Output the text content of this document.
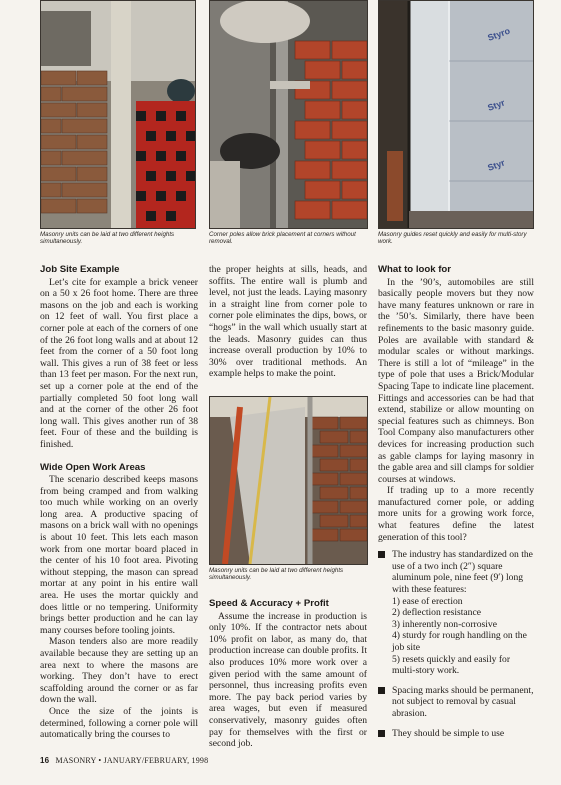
Masonry units can be laid at two different heights simultaneously.
Corner poles allow brick placement at corners without removal.
Styro
Styr
Styr
Masonry guides reset quickly and easily for multi-story work.
Job Site Example

Let’s cite for example a brick veneer on a 50 x 26 foot home. There are three masons on the job and each is working on 12 feet of wall. You first place a corner pole at each of the corners of one of the 26 foot long walls and at about 12 feet from the corner of a 50 foot long wall. This gives a run of 38 feet or less than 13 feet per mason. For the next run, set up a corner pole at the end of the partially completed 50 foot long wall and at the corner of the other 26 foot long wall. This gives another run of 38 feet. Four of these and the building is finished.

Wide Open Work Areas

The scenario described keeps masons from being cramped and from walking too much while working on an overly long area. A productive spacing of masons on a brick wall with no openings is about 10 feet. This lets each mason work from one mortar board placed in the center of his 10 foot area. Pivoting without stepping, the mason can spread mortar at any point in his entire wall area. He uses the mortar quickly and does little or no tempering. Uniformity brings better production and he can lay many courses before tooling joints.

Mason tenders also are more readily available because they are setting up an area next to where the masons are working. They don’t have to erect scaffolding around the corner or as far down the wall.

Once the size of the joints is determined, following a corner pole will automatically bring the courses to

the proper heights at sills, heads, and soffits. The entire wall is plumb and level, not just the leads. Laying masonry in a straight line from corner pole to corner pole eliminates the dips, bows, or “hogs” in the wall which usually start at the leads. Masonry guides can thus increase overall production by 10% to 30% over traditional methods. An example helps to make the point.

Masonry units can be laid at two different heights simultaneously.
Speed & Accuracy + Profit

Assume the increase in production is only 10%. If the contractor nets about 10% profit on labor, as many do, that production increase can double profits. It also produces 10% more work over a given period with the same amount of personnel, thus increasing profits even more. The pay back period varies by area wages, but even if measured conservatively, masonry guides often pay for themselves with the first or second job.

What to look for

In the ’90’s, automobiles are still basically people movers but they now have many features unknown or rare in the ’50’s. Similarly, there have been refinements to the basic masonry guide. Poles are available with standard & modular scales or without markings. There is still a lot of “mileage” in the type of pole that uses a Brick/Modular Spacing Tape to indicate line placement. Fittings and accessories can be had that extend, stabilize or allow mounting on special features such as chimneys. Bon Tool Company also manufacturers other devices for increasing production such as gable clamps for laying masonry in the gable area and sill clamps for soldier courses at windows.

If trading up to a more recently manufactured corner pole, or adding more units for a growing work force, what features define the latest generation of this tool?

The industry has standardized on the use of a two inch (2″) square aluminum pole, nine feet (9′) long with these features:
1) ease of erection
2) deflection resistance
3) inherently non-corrosive
4) sturdy for rough handling on the job site
5) resets quickly and easily for multi-story work.
Spacing marks should be permanent, not subject to removal by casual abrasion.
They should be simple to use
16 MASONRY • JANUARY/FEBRUARY, 1998
